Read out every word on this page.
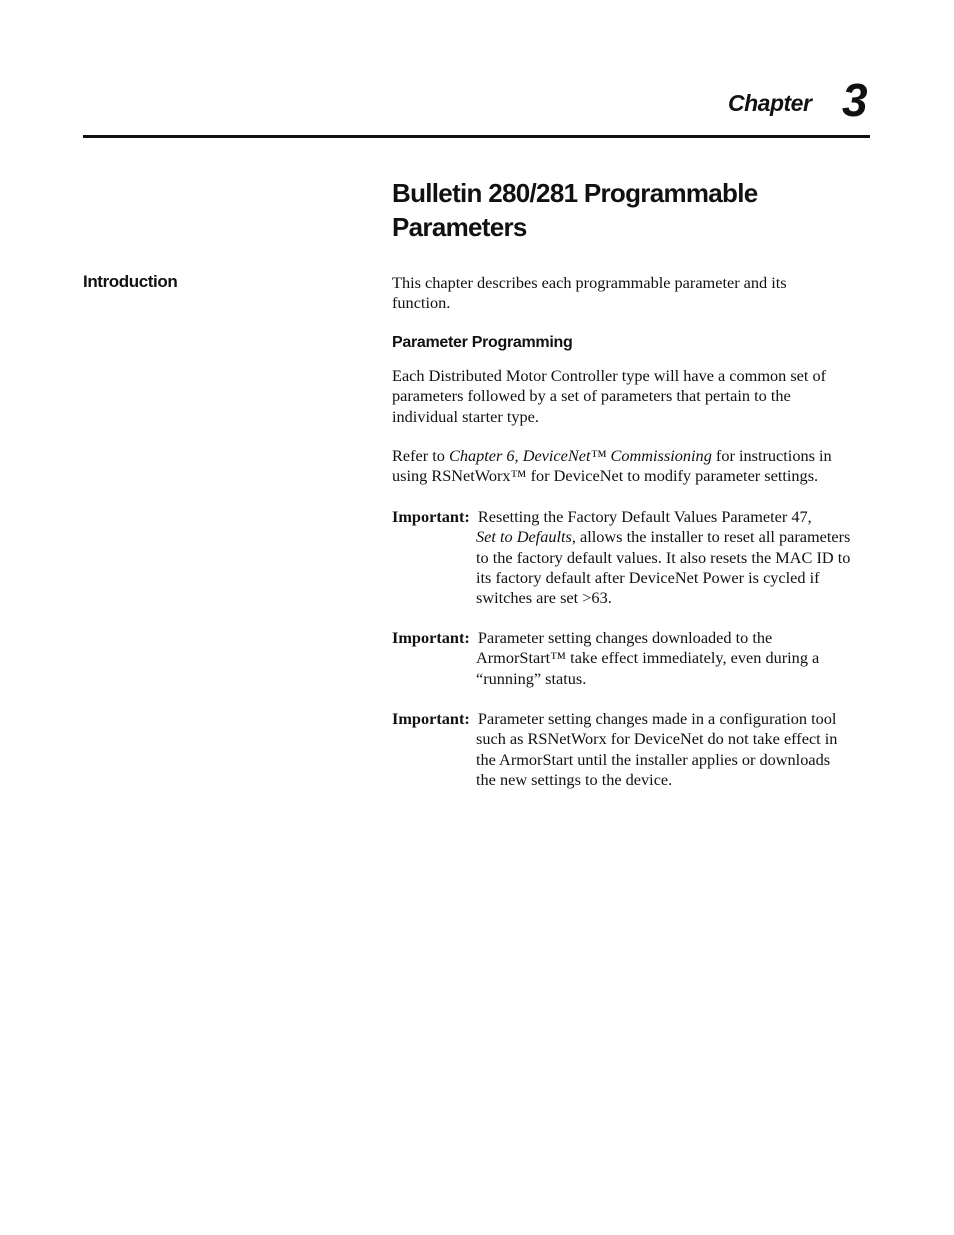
Chapter 3
Bulletin 280/281 Programmable
Parameters
Introduction	This chapter describes each programmable parameter and its
function.

Parameter Programming

Each Distributed Motor Controller type will have a common set of
parameters followed by a set of parameters that pertain to the
individual starter type.

Refer to Chapter 6, DeviceNet™ Commissioning for instructions in
using RSNetWorx™ for DeviceNet to modify parameter settings.

Important: Resetting the Factory Default Values Parameter 47,

Set to Defaults, allows the installer to reset all parameters
to the factory default values. It also resets the MAC ID to
its factory default after DeviceNet Power is cycled if
switches are set >63.

Important: Parameter setting changes downloaded to the

ArmorStart™ take effect immediately, even during a
“running” status.

Important: Parameter setting changes made in a configuration tool

such as RSNetWorx for DeviceNet do not take effect in
the ArmorStart until the installer applies or downloads
the new settings to the device.
